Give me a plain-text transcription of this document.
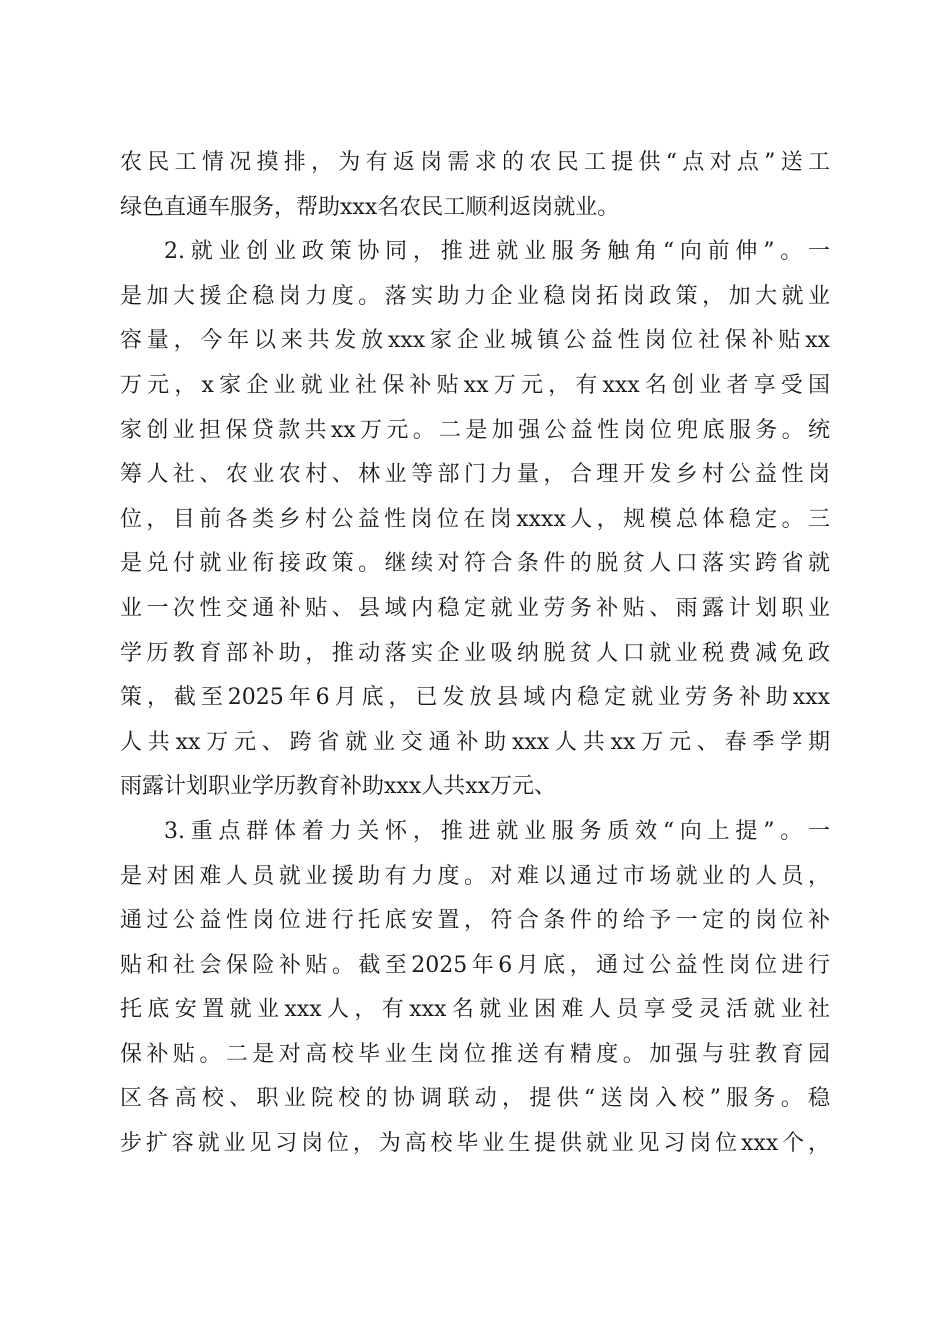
农民工情况摸排，为有返岗需求的农民工提供“点对点”送工
绿色直通车服务，帮助xxx名农民工顺利返岗就业。
2.就业创业政策协同，推进就业服务触角“向前伸”。一
是加大援企稳岗力度。落实助力企业稳岗拓岗政策，加大就业
容量，今年以来共发放xxx家企业城镇公益性岗位社保补贴xx
万元，x家企业就业社保补贴xx万元，有xxx名创业者享受国
家创业担保贷款共xx万元。二是加强公益性岗位兜底服务。统
筹人社、农业农村、林业等部门力量，合理开发乡村公益性岗
位，目前各类乡村公益性岗位在岗xxxx人，规模总体稳定。三
是兑付就业衔接政策。继续对符合条件的脱贫人口落实跨省就
业一次性交通补贴、县域内稳定就业劳务补贴、雨露计划职业
学历教育部补助，推动落实企业吸纳脱贫人口就业税费减免政
策，截至2025年6月底，已发放县域内稳定就业劳务补助xxx
人共xx万元、跨省就业交通补助xxx人共xx万元、春季学期
雨露计划职业学历教育补助xxx人共xx万元、
3.重点群体着力关怀，推进就业服务质效“向上提”。一
是对困难人员就业援助有力度。对难以通过市场就业的人员，
通过公益性岗位进行托底安置，符合条件的给予一定的岗位补
贴和社会保险补贴。截至2025年6月底，通过公益性岗位进行
托底安置就业xxx人，有xxx名就业困难人员享受灵活就业社
保补贴。二是对高校毕业生岗位推送有精度。加强与驻教育园
区各高校、职业院校的协调联动，提供“送岗入校”服务。稳
步扩容就业见习岗位，为高校毕业生提供就业见习岗位xxx个，
